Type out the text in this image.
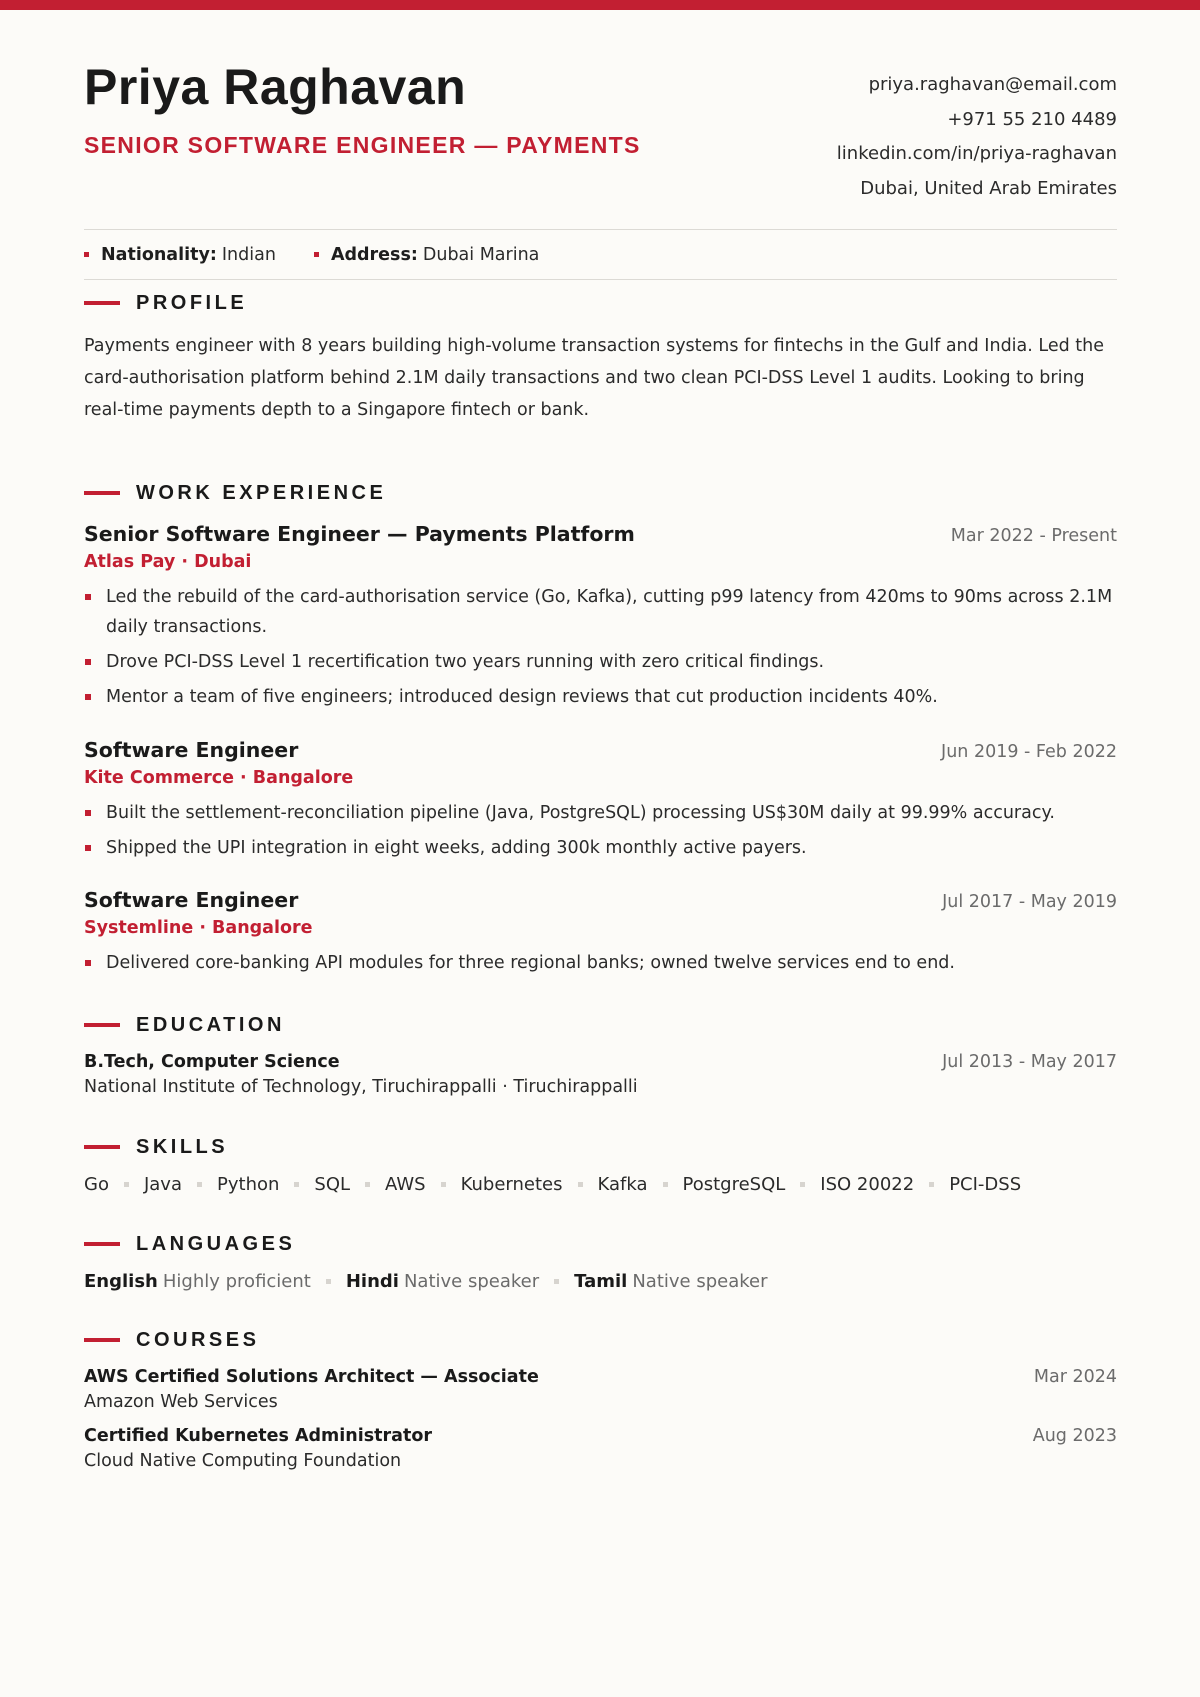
Priya Raghavan
SENIOR SOFTWARE ENGINEER — PAYMENTS
priya.raghavan@email.com
+971 55 210 4489
linkedin.com/in/priya-raghavan
Dubai, United Arab Emirates
Nationality: Indian	Address: Dubai Marina
PROFILE
Payments engineer with 8 years building high-volume transaction systems for fintechs in the Gulf and India. Led the card-authorisation platform behind 2.1M daily transactions and two clean PCI-DSS Level 1 audits. Looking to bring real-time payments depth to a Singapore fintech or bank.
WORK EXPERIENCE
Senior Software Engineer — Payments Platform	Mar 2022 - Present
Atlas Pay · Dubai
Led the rebuild of the card-authorisation service (Go, Kafka), cutting p99 latency from 420ms to 90ms across 2.1M daily transactions.
Drove PCI-DSS Level 1 recertification two years running with zero critical findings.
Mentor a team of five engineers; introduced design reviews that cut production incidents 40%.
Software Engineer	Jun 2019 - Feb 2022
Kite Commerce · Bangalore
Built the settlement-reconciliation pipeline (Java, PostgreSQL) processing US$30M daily at 99.99% accuracy.
Shipped the UPI integration in eight weeks, adding 300k monthly active payers.
Software Engineer	Jul 2017 - May 2019
Systemline · Bangalore
Delivered core-banking API modules for three regional banks; owned twelve services end to end.
EDUCATION
B.Tech, Computer Science	Jul 2013 - May 2017
National Institute of Technology, Tiruchirappalli · Tiruchirappalli
SKILLS
Go Java Python SQL AWS Kubernetes Kafka PostgreSQL ISO 20022 PCI-DSS
LANGUAGES
English Highly proficient Hindi Native speaker Tamil Native speaker
COURSES
AWS Certified Solutions Architect — Associate	Mar 2024
Amazon Web Services
Certified Kubernetes Administrator	Aug 2023
Cloud Native Computing Foundation
